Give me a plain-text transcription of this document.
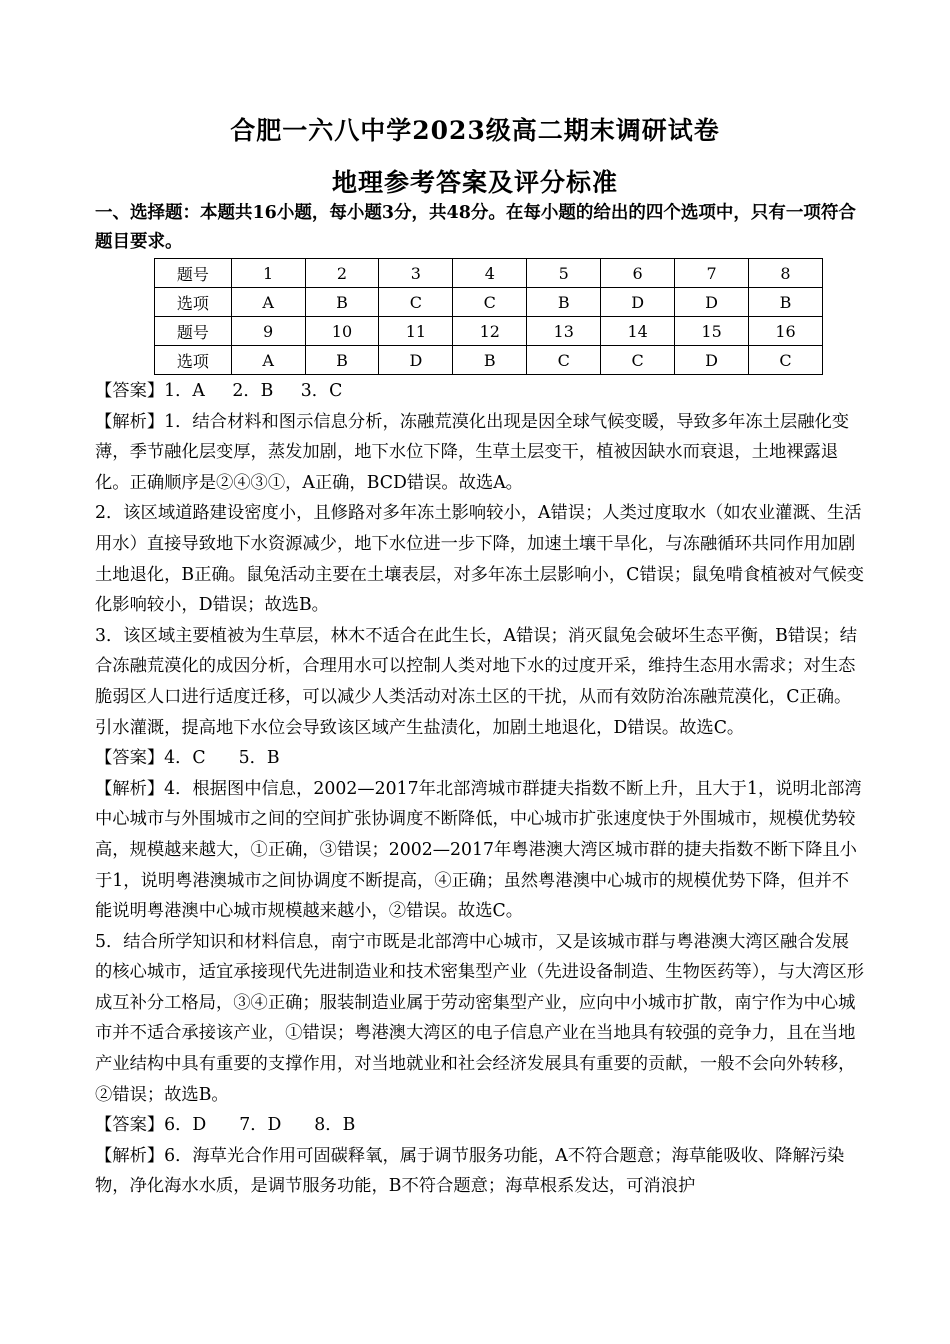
合肥一六八中学2023级高二期末调研试卷
地理参考答案及评分标准
一、选择题：本题共16小题，每小题3分，共48分。在每小题的给出的四个选项中，只有一项符合题目要求。
题号	1	2	3	4	5	6	7	8
选项	A	B	C	C	B	D	D	B
题号	9	10	11	12	13	14	15	16
选项	A	B	D	B	C	C	D	C

【答案】1．A     2．B     3．C

【解析】1．结合材料和图示信息分析，冻融荒漠化出现是因全球气候变暖，导致多年冻土层融化变薄，季节融化层变厚，蒸发加剧，地下水位下降，生草土层变干，植被因缺水而衰退，土地裸露退化。正确顺序是②④③①，A正确，BCD错误。故选A。

2．该区域道路建设密度小，且修路对多年冻土影响较小，A错误；人类过度取水（如农业灌溉、生活用水）直接导致地下水资源减少，地下水位进一步下降，加速土壤干旱化，与冻融循环共同作用加剧土地退化，B正确。鼠兔活动主要在土壤表层，对多年冻土层影响小，C错误；鼠兔啃食植被对气候变化影响较小，D错误；故选B。

3．该区域主要植被为生草层，林木不适合在此生长，A错误；消灭鼠兔会破坏生态平衡，B错误；结合冻融荒漠化的成因分析，合理用水可以控制人类对地下水的过度开采，维持生态用水需求；对生态脆弱区人口进行适度迁移，可以减少人类活动对冻土区的干扰，从而有效防治冻融荒漠化，C正确。引水灌溉，提高地下水位会导致该区域产生盐渍化，加剧土地退化，D错误。故选C。

【答案】4．C      5．B

【解析】4．根据图中信息，2002—2017年北部湾城市群捷夫指数不断上升，且大于1，说明北部湾中心城市与外围城市之间的空间扩张协调度不断降低，中心城市扩张速度快于外围城市，规模优势较高，规模越来越大，①正确，③错误；2002—2017年粤港澳大湾区城市群的捷夫指数不断下降且小于1，说明粤港澳城市之间协调度不断提高，④正确；虽然粤港澳中心城市的规模优势下降，但并不能说明粤港澳中心城市规模越来越小，②错误。故选C。

5．结合所学知识和材料信息，南宁市既是北部湾中心城市，又是该城市群与粤港澳大湾区融合发展的核心城市，适宜承接现代先进制造业和技术密集型产业（先进设备制造、生物医药等），与大湾区形成互补分工格局，③④正确；服装制造业属于劳动密集型产业，应向中小城市扩散，南宁作为中心城市并不适合承接该产业，①错误；粤港澳大湾区的电子信息产业在当地具有较强的竞争力，且在当地产业结构中具有重要的支撑作用，对当地就业和社会经济发展具有重要的贡献，一般不会向外转移，②错误；故选B。

【答案】6．D      7．D      8．B

【解析】6．海草光合作用可固碳释氧，属于调节服务功能，A不符合题意；海草能吸收、降解污染物，净化海水水质，是调节服务功能，B不符合题意；海草根系发达，可消浪护
